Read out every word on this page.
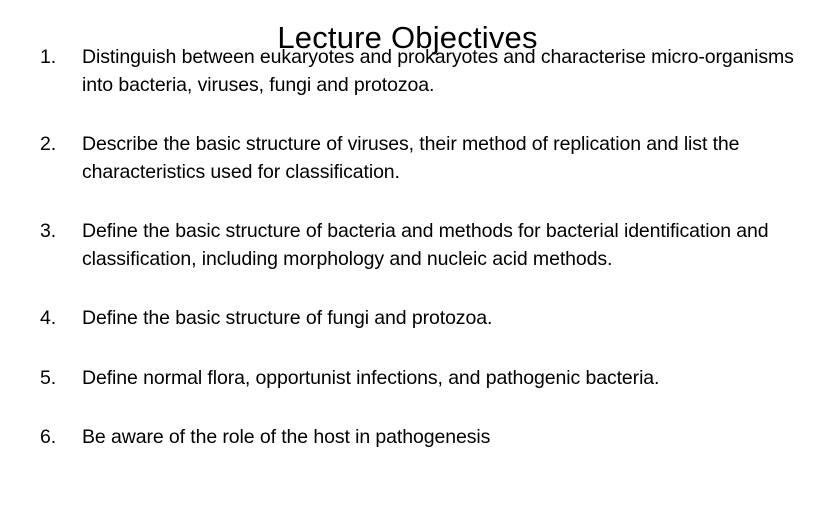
Lecture Objectives
1. Distinguish between eukaryotes and prokaryotes and characterise micro-organisms into bacteria, viruses, fungi and protozoa.
2. Describe the basic structure of viruses, their method of replication and list the characteristics used for classification.
3. Define the basic structure of bacteria and methods for bacterial identification and classification, including morphology and nucleic acid methods.
4. Define the basic structure of fungi and protozoa.
5. Define normal flora, opportunist infections, and pathogenic bacteria.
6. Be aware of the role of the host in pathogenesis
